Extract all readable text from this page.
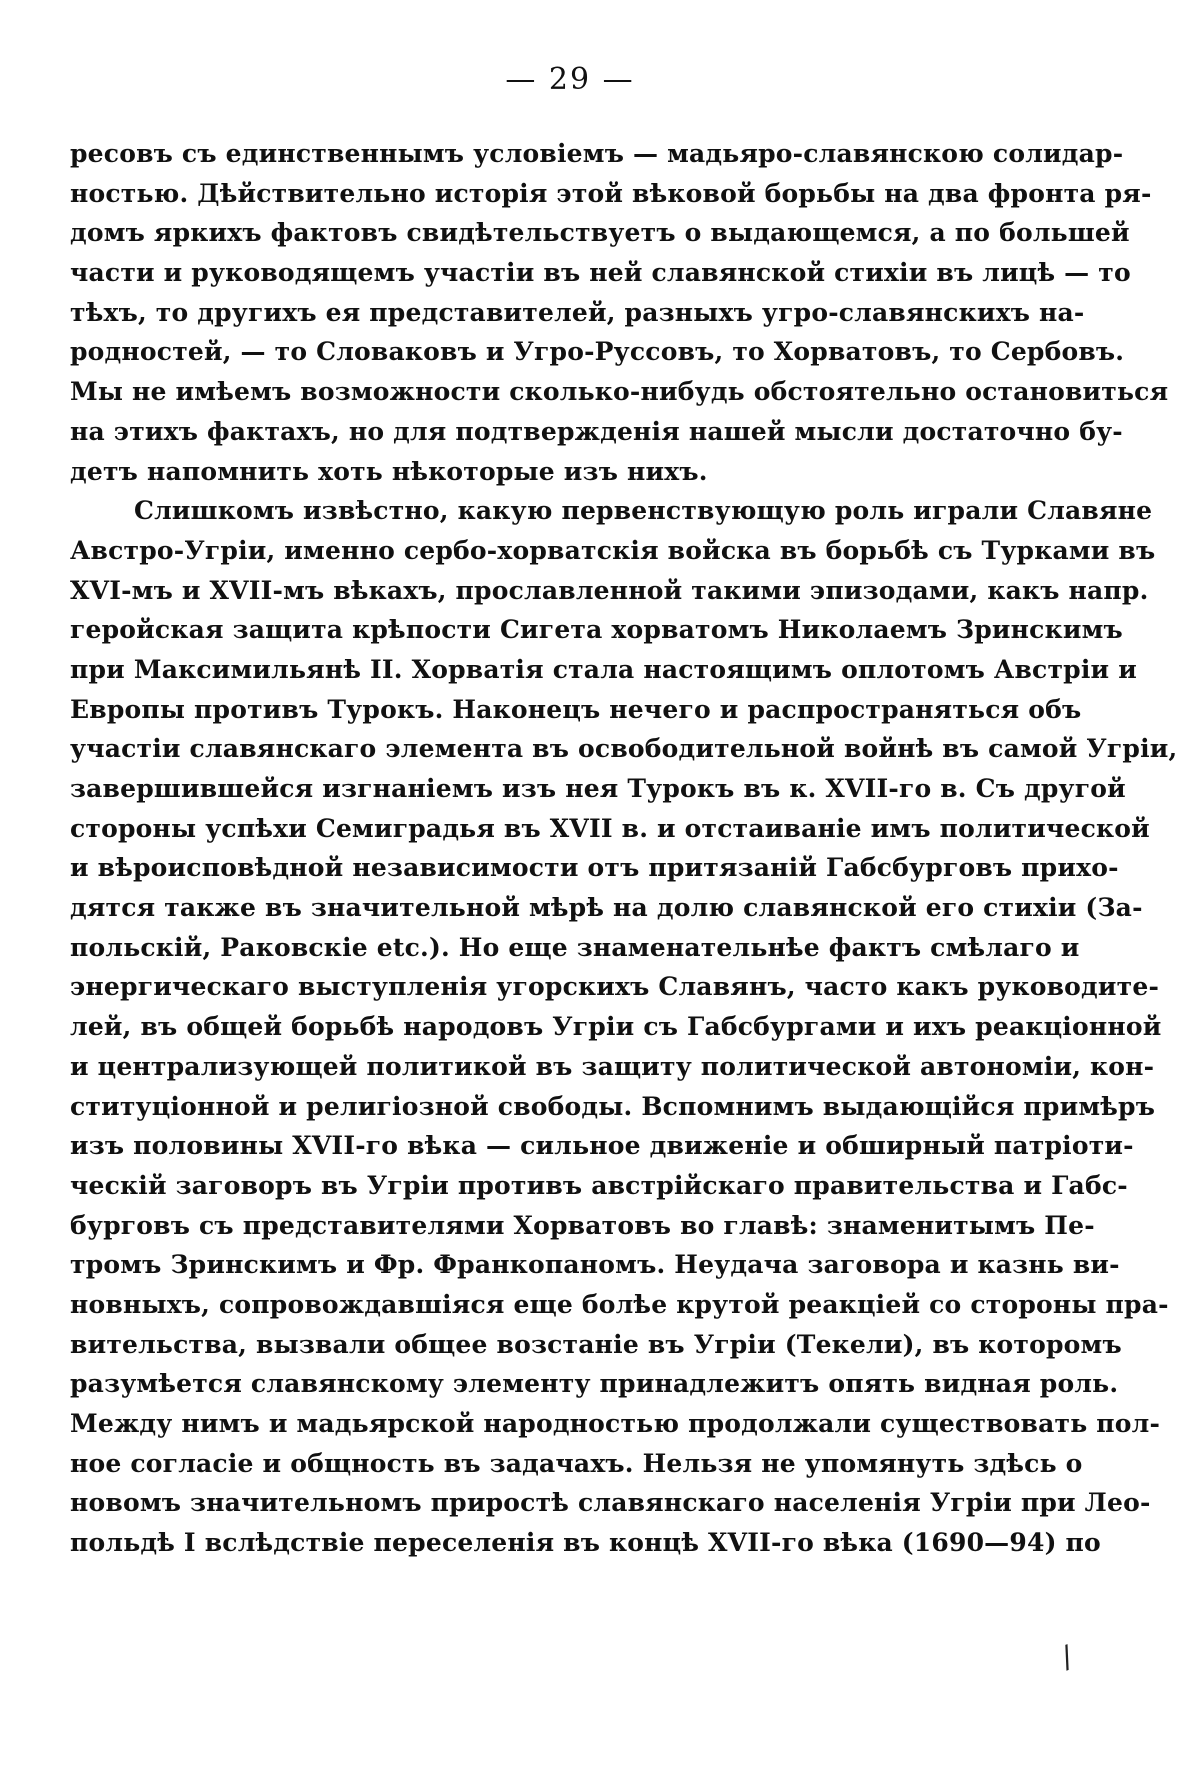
— 29 —
ресовъ съ единственнымъ условіемъ — мадьяро-славянскою солидар-
ностью. Дѣйствительно исторія этой вѣковой борьбы на два фронта ря-
домъ яркихъ фактовъ свидѣтельствуетъ о выдающемся, а по большей
части и руководящемъ участіи въ ней славянской стихіи въ лицѣ — то
тѣхъ, то другихъ ея представителей, разныхъ угро-славянскихъ на-
родностей, — то Словаковъ и Угро-Руссовъ, то Хорватовъ, то Сербовъ.
Мы не имѣемъ возможности сколько-нибудь обстоятельно остановиться
на этихъ фактахъ, но для подтвержденія нашей мысли достаточно бу-
детъ напомнить хоть нѣкоторые изъ нихъ.
Слишкомъ извѣстно, какую первенствующую роль играли Славяне
Австро-Угріи, именно сербо-хорватскія войска въ борьбѣ съ Турками въ
XVI-мъ и XVII-мъ вѣкахъ, прославленной такими эпизодами, какъ напр.
геройская защита крѣпости Сигета хорватомъ Николаемъ Зринскимъ
при Максимильянѣ II. Хорватія стала настоящимъ оплотомъ Австріи и
Европы противъ Турокъ. Наконецъ нечего и распространяться объ
участіи славянскаго элемента въ освободительной войнѣ въ самой Угріи,
завершившейся изгнаніемъ изъ нея Турокъ въ к. XVII-го в. Съ другой
стороны успѣхи Семиградья въ XVII в. и отстаиваніе имъ политической
и вѣроисповѣдной независимости отъ притязаній Габсбурговъ прихо-
дятся также въ значительной мѣрѣ на долю славянской его стихіи (За-
польскій, Раковскіе etc.). Но еще знаменательнѣе фактъ смѣлаго и
энергическаго выступленія угорскихъ Славянъ, часто какъ руководите-
лей, въ общей борьбѣ народовъ Угріи съ Габсбургами и ихъ реакціонной
и централизующей политикой въ защиту политической автономіи, кон-
ституціонной и религіозной свободы. Вспомнимъ выдающійся примѣръ
изъ половины XVII-го вѣка — сильное движеніе и обширный патріоти-
ческій заговоръ въ Угріи противъ австрійскаго правительства и Габс-
бурговъ съ представителями Хорватовъ во главѣ: знаменитымъ Пе-
тромъ Зринскимъ и Фр. Франкопаномъ. Неудача заговора и казнь ви-
новныхъ, сопровождавшіяся еще болѣе крутой реакціей со стороны пра-
вительства, вызвали общее возстаніе въ Угріи (Текели), въ которомъ
разумѣется славянскому элементу принадлежитъ опять видная роль.
Между нимъ и мадьярской народностью продолжали существовать пол-
ное согласіе и общность въ задачахъ. Нельзя не упомянуть здѣсь о
новомъ значительномъ приростѣ славянскаго населенія Угріи при Лео-
польдѣ I вслѣдствіе переселенія въ концѣ XVII-го вѣка (1690—94) по
/
